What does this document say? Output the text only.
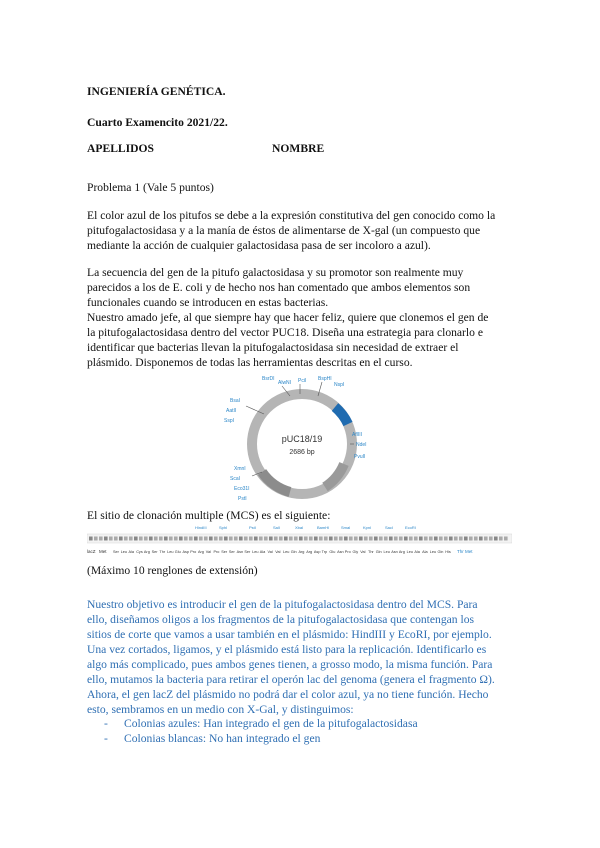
INGENIERÍA GENÉTICA.

Cuarto Examencito 2021/22.

APELLIDOS	NOMBRE

Problema 1 (Vale 5 puntos)

El color azul de los pitufos se debe a la expresión constitutiva del gen conocido como la
pitufogalactosidasa y a la manía de éstos de alimentarse de X-gal (un compuesto que
mediante la acción de cualquier galactosidasa pasa de ser incoloro a azul).
La secuencia del gen de la pitufo galactosidasa y su promotor son realmente muy
parecidos a los de E. coli y de hecho nos han comentado que ambos elementos son
funcionales cuando se introducen en estas bacterias.
Nuestro amado jefe, al que siempre hay que hacer feliz, quiere que clonemos el gen de
la pitufogalactosidasa dentro del vector PUC18. Diseña una estrategia para clonarlo e
identificar que bacterias llevan la pitufogalactosidasa sin necesidad de extraer el
plásmido. Disponemos de todas las herramientas descritas en el curso.
pUC18/19
2686 bp
BsrDI
AlwNI PciI BspHI
NspI
BsaI
AatII
SspI
AflIII
NdeI
PvuII
XmnI
ScaI
Eco31I
PstI

El sitio de clonación multiple (MCS) es el siguiente:

HindIII	SphI	PstI	SalI	XbaI	BamHI	SmaI	KpnI	SacI	EcoRI
lacZ Met Ser Leu Ala Cys Arg Ser Thr Leu Glu Asp Pro Arg Val Pro Ser Ser Asn Ser Leu Ala Val Val Leu Gln Arg Arg Asp Trp Glu Asn Pro Gly Val Thr Gln Leu Asn Arg Leu Ala Ala Leu Gln His Thr Met

(Máximo 10 renglones de extensión)

Nuestro objetivo es introducir el gen de la pitufogalactosidasa dentro del MCS. Para
ello, diseñamos oligos a los fragmentos de la pitufogalactosidasa que contengan los
sitios de corte que vamos a usar también en el plásmido: HindIII y EcoRI, por ejemplo.
Una vez cortados, ligamos, y el plásmido está listo para la replicación. Identificarlo es
algo más complicado, pues ambos genes tienen, a grosso modo, la misma función. Para
ello, mutamos la bacteria para retirar el operón lac del genoma (genera el fragmento Ω).
Ahora, el gen lacZ del plásmido no podrá dar el color azul, ya no tiene función. Hecho
esto, sembramos en un medio con X-Gal, y distinguimos:
- Colonias azules: Han integrado el gen de la pitufogalactosidasa
- Colonias blancas: No han integrado el gen
